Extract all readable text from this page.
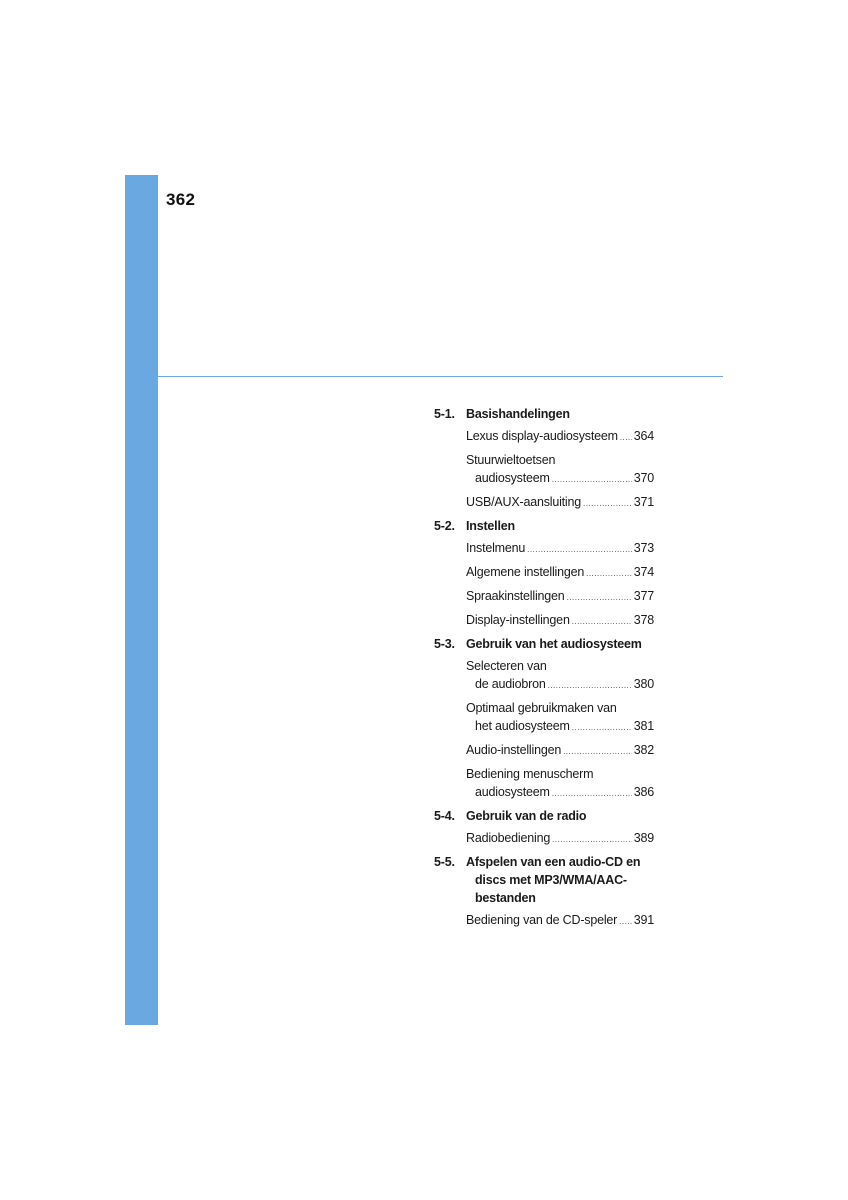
362
5-1. Basishandelingen
Lexus display-audiosysteem ..... 364
Stuurwieltoetsen
audiosysteem .....	370
USB/AUX-aansluiting .....	371
5-2. Instellen
Instelmenu .....	373
Algemene instellingen .....	374
Spraakinstellingen .....	377
Display-instellingen .....	378
5-3. Gebruik van het audiosysteem
Selecteren van
de audiobron .....	380
Optimaal gebruikmaken van
het audiosysteem .....	381
Audio-instellingen .....	382
Bediening menuscherm
audiosysteem .....	386
5-4. Gebruik van de radio
Radiobediening .....	389
5-5. Afspelen van een audio-CD en
discs met MP3/WMA/AAC-
bestanden
Bediening van de CD-speler ..... 391
